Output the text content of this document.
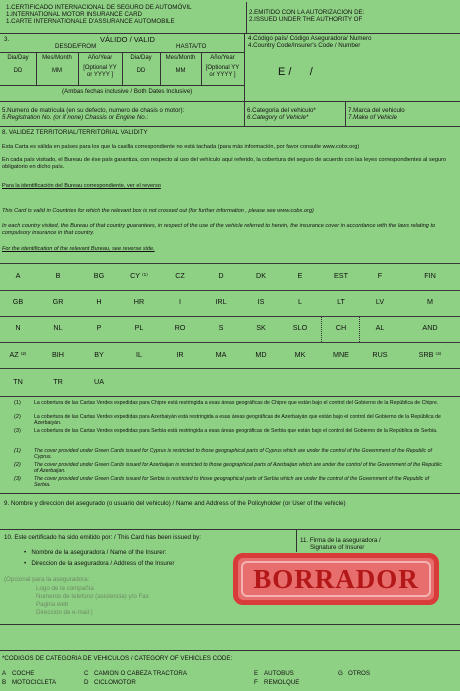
1.CERTIFICADO INTERNACIONAL DE SEGURO DE AUTOMÓVIL
1.INTERNATIONAL MOTOR INSURANCE CARD
1.CARTE INTERNATIONALE D'ASSURANCE AUTOMOBILE
2.EMITIDO CON LA AUTORIZACION DE:
2.ISSUED UNDER THE AUTHORITY OF
3.	VÁLIDO / VALID
DESDE/FROM	HASTA/TO
Dia/Day	Mes/Month	Año/Year	Dia/Day	Mes/Month	Año/Year
DD	MM	[Optional YY or YYYY ]
DD	MM	[Optional YY or YYYY ]
(Ambas fechas inclusive / Both Dates Inclusive)
4.Código país/ Código Aseguradora/ Numero
4.Country Code/Insurer's Code / Number
E /      /
5.Numero de matricula (en su defecto, numero de chasis o motor):
5.Registration No. (or if none) Chassis or Engine No.:
6.Categoria del vehiculo*
6.Category of Vehicle*
7.Marca del vehiculo
7.Make of Vehicle
8. VALIDEZ TERRITORIAL/TERRITORIAL VALIDITY
Esta Carta es válida en países para los que la casilla correspondiente no está tachada (para más información, por favor consulte www.cobx.org)
En cada país visitado, el Bureau de ése país garantiza, con respecto al uso del vehículo aquí referido, la cobertura del seguro de acuerdo con las leyes correspondientes al seguro obligatorio en dicho país.
Para la identificación del Bureau correspondiente, ver el reverso
This Card is valid in Countries for which the relevant box is not crossed out (for further information , please see www.cobx.org)
In each country visited, the Bureau of that country guarantees, in respect of the use of the vehicle referred to herein, the insurance cover in accordance with the laws relating to compulsory insurance in that country.
For the identification of the relevant Bureau, see reverse side.
A	B	BG	CY ⁽¹⁾	CZ	D	DK	E	EST	F	FIN
GB	GR	H	HR	I	IRL	IS	L	LT	LV	M
N	NL	P	PL	RO	S	SK	SLO	CH	AL	AND
AZ ⁽²⁾	BIH	BY	IL	IR	MA	MD	MK	MNE	RUS	SRB ⁽³⁾
TN	TR	UA
(1)	La cobertura de las Cartas Verdes expedidas para Chipre está restringida a esas áreas geográficas de Chipre que están bajo el control del Gobierno de la República de Chipre.
(2)	La cobertura de las Cartas Verdes expedidas para Azerbaiyán está restringida a esas áreas geográficas de Azerbaiyán que están bajo el control del Gobierno de la República de Azerbaiyán.
(3)	La cobertura de las Cartas Verdes expedidas para Serbia está restringida a esas áreas geográficas de Serbia que están bajo el control del Gobierno de la República de Serbia.
(1)	The cover provided under Green Cards issued for Cyprus is restricted to those geographical parts of Cyprus which are under the control of the Government of the Republic of Cyprus.
(2)	The cover provided under Green Cards issued for Azerbaijan is restricted to those geographical parts of Azerbaijan which are under the control of the Government of the Republic of Azerbaijan.
(3)	The cover provided under Green Cards issued for Serbia is restricted to those geographical parts of Serbia which are under the control of the Government of the Republic of Serbia.
9. Nombre y direccion del asegurado (o usuario del vehiculo) / Name and Address of the Policyholder (or User of the vehicle)
10. Este certificado ha sido emitido por: / This Card has been issued by:
•   Nombre de la aseguradora / Name of the Insurer:
•   Direccion de la aseguradora / Address of the Insurer
(Opcional para la aseguradora:
Logo de la compañía
Numeros de telefono (asistencia) y/o Fax
Pagina web
Direccion de e-mail )
11. Firma de la aseguradora /
Signature of Insurer
BORRADOR
*CODIGOS DE CATEGORIA DE VEHICULOS / CATEGORY OF VEHICLES CODE:
A COCHE	C CAMION O CABEZA TRACTORA	E AUTOBUS	G OTROS
B MOTOCICLETA	D CICLOMOTOR	F REMOLQUE
